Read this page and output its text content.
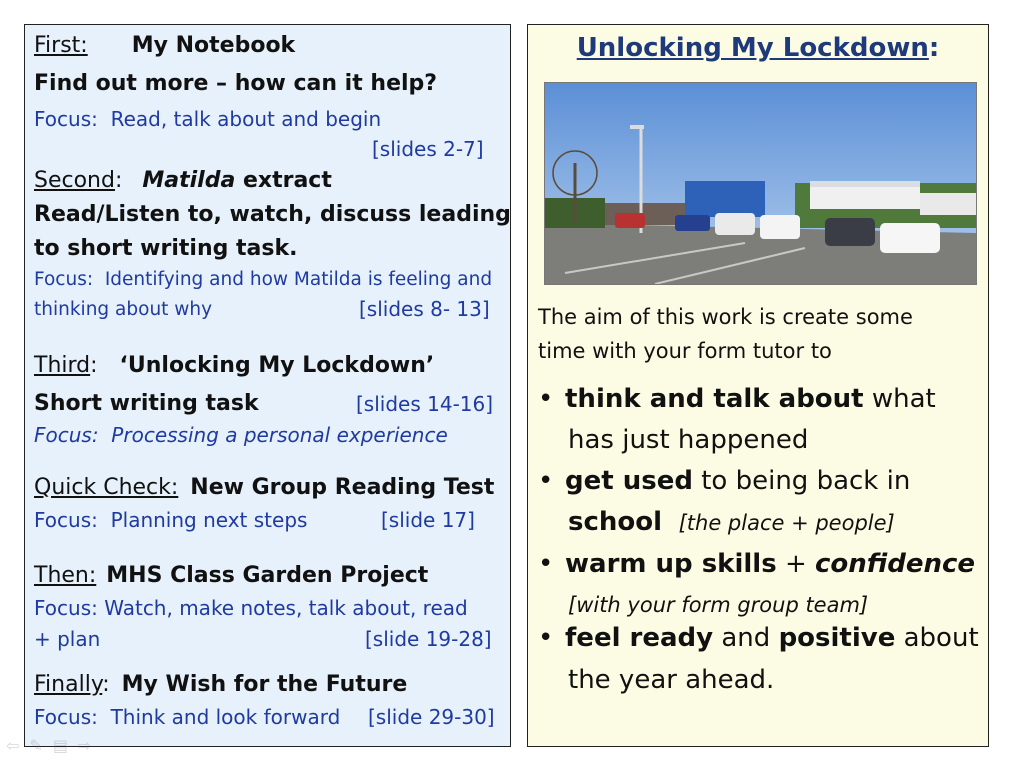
First: My Notebook
Find out more – how can it help?
Focus: Read, talk about and begin
[slides 2-7]
Second: Matilda extract
Read/Listen to, watch, discuss leading
to short writing task.
Focus: Identifying and how Matilda is feeling and
thinking about why	[slides 8- 13]
Third: ‘Unlocking My Lockdown’
Short writing task	[slides 14-16]
Focus: Processing a personal experience
Quick Check: New Group Reading Test
Focus: Planning next steps	[slide 17]
Then: MHS Class Garden Project
Focus: Watch, make notes, talk about, read
+ plan	[slide 19-28]
Finally: My Wish for the Future
Focus: Think and look forward [slide 29-30]
Unlocking My Lockdown:
The aim of this work is create some
time with your form tutor to
• think and talk about what
has just happened
• get used to being back in
school [the place + people]
• warm up skills + confidence
[with your form group team]
• feel ready and positive about
the year ahead.
⇦ ✎ ▤ ⇨
